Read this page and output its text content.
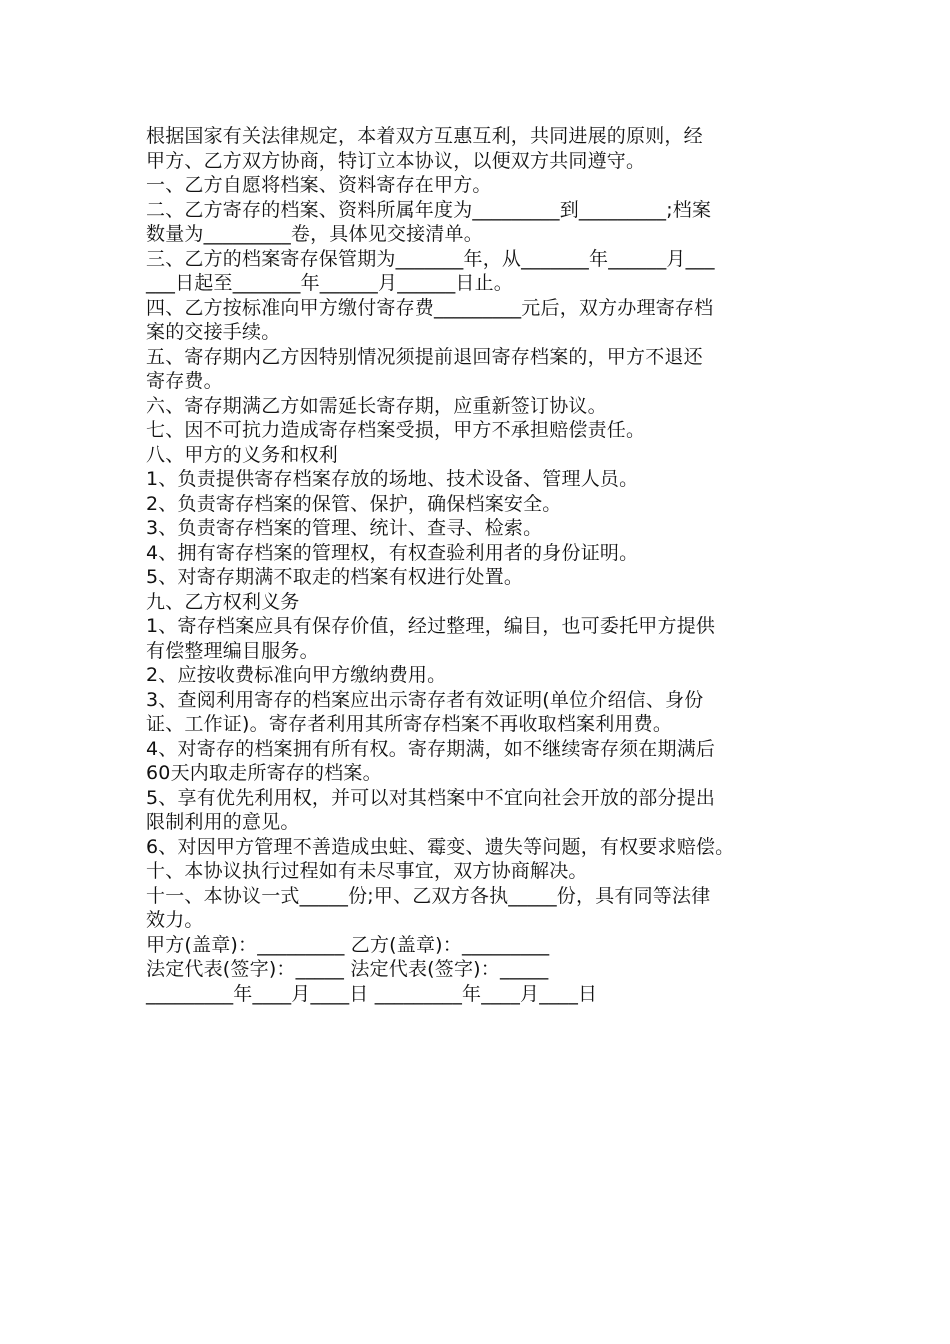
根据国家有关法律规定，本着双方互惠互利，共同进展的原则，经
甲方、乙方双方协商，特订立本协议，以便双方共同遵守。
一、乙方自愿将档案、资料寄存在甲方。
二、乙方寄存的档案、资料所属年度为_________到_________;档案
数量为_________卷，具体见交接清单。
三、乙方的档案寄存保管期为_______年，从_______年______月___
___日起至_______年______月______日止。
四、乙方按标准向甲方缴付寄存费_________元后，双方办理寄存档
案的交接手续。
五、寄存期内乙方因特别情况须提前退回寄存档案的，甲方不退还
寄存费。
六、寄存期满乙方如需延长寄存期，应重新签订协议。
七、因不可抗力造成寄存档案受损，甲方不承担赔偿责任。
八、甲方的义务和权利
1、负责提供寄存档案存放的场地、技术设备、管理人员。
2、负责寄存档案的保管、保护，确保档案安全。
3、负责寄存档案的管理、统计、查寻、检索。
4、拥有寄存档案的管理权，有权查验利用者的身份证明。
5、对寄存期满不取走的档案有权进行处置。
九、乙方权利义务
1、寄存档案应具有保存价值，经过整理，编目，也可委托甲方提供
有偿整理编目服务。
2、应按收费标准向甲方缴纳费用。
3、查阅利用寄存的档案应出示寄存者有效证明(单位介绍信、身份
证、工作证)。寄存者利用其所寄存档案不再收取档案利用费。
4、对寄存的档案拥有所有权。寄存期满，如不继续寄存须在期满后
60天内取走所寄存的档案。
5、享有优先利用权，并可以对其档案中不宜向社会开放的部分提出
限制利用的意见。
6、对因甲方管理不善造成虫蛀、霉变、遗失等问题，有权要求赔偿。
十、本协议执行过程如有未尽事宜，双方协商解决。
十一、本协议一式_____份;甲、乙双方各执_____份，具有同等法律
效力。
甲方(盖章)：_________ 乙方(盖章)：_________
法定代表(签字)：_____ 法定代表(签字)：_____
_________年____月____日 _________年____月____日
